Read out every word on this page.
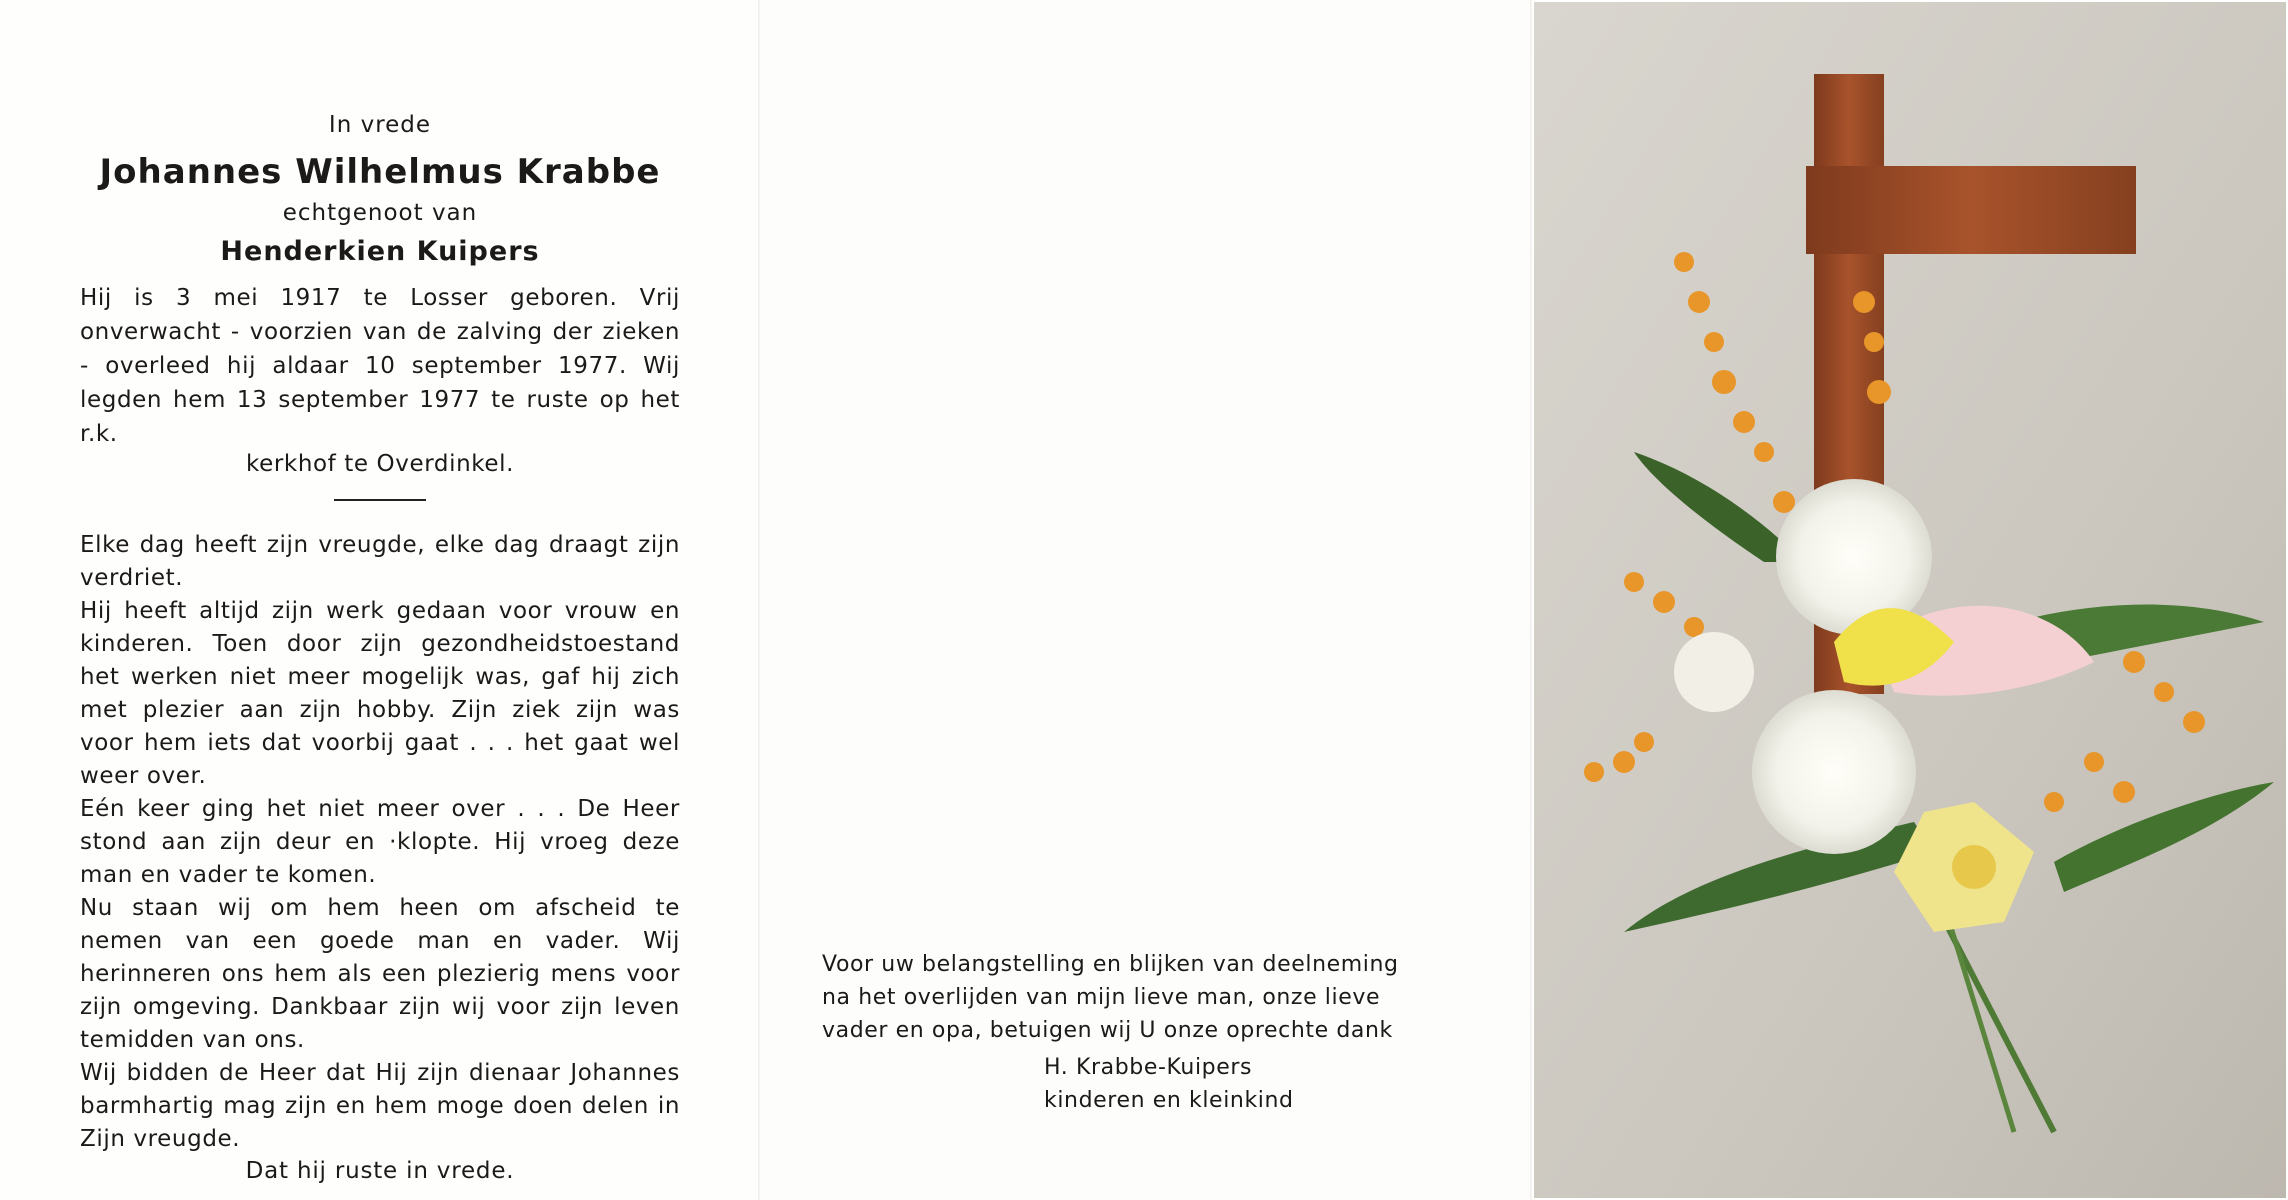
In vrede
Johannes Wilhelmus Krabbe
echtgenoot van
Henderkien Kuipers
Hij is 3 mei 1917 te Losser geboren. Vrij onverwacht - voorzien van de zalving der zieken - overleed hij aldaar 10 september 1977. Wij legden hem 13 september 1977 te ruste op het r.k.
kerkhof te Overdinkel.

Elke dag heeft zijn vreugde, elke dag draagt zijn verdriet.

Hij heeft altijd zijn werk gedaan voor vrouw en kinderen. Toen door zijn gezondheidstoestand het werken niet meer mogelijk was, gaf hij zich met plezier aan zijn hobby. Zijn ziek zijn was voor hem iets dat voorbij gaat . . . het gaat wel weer over.

Eén keer ging het niet meer over . . . De Heer stond aan zijn deur en ·klopte. Hij vroeg deze man en vader te komen.

Nu staan wij om hem heen om afscheid te nemen van een goede man en vader. Wij herinneren ons hem als een plezierig mens voor zijn omgeving. Dankbaar zijn wij voor zijn leven temidden van ons.

Wij bidden de Heer dat Hij zijn dienaar Johannes barmhartig mag zijn en hem moge doen delen in Zijn vreugde.

Dat hij ruste in vrede.
Voor uw belangstelling en blijken van deelneming
na het overlijden van mijn lieve man, onze lieve
vader en opa, betuigen wij U onze oprechte dank
H. Krabbe-Kuipers
kinderen en kleinkind
